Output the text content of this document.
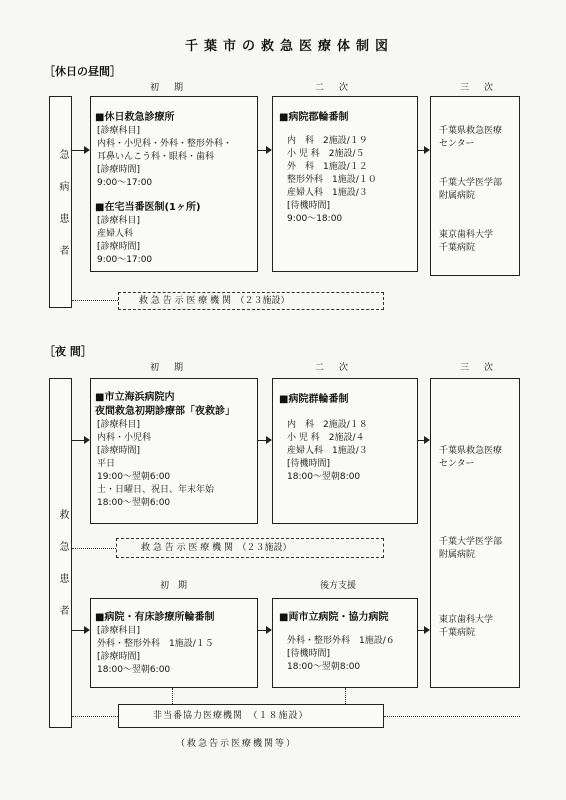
千葉市の救急医療体制図
［休日の昼間］
初　期	二　次	三　次
急病患者
■休日救急診療所
[診療科目]
内科・小児科・外科・整形外科・
耳鼻いんこう科・眼科・歯科
[診療時間]
9:00〜17:00
■在宅当番医制(1ヶ所)
[診療科目]
産婦人科
[診療時間]
9:00〜17:00
■病院郡輪番制
内　科　2施設/１９
小 児 科　2施設/５
外　科　1施設/１２
整形外科　1施設/１０
産婦人科　1施設/３
[待機時間]
9:00〜18:00
千葉県救急医療
センター

千葉大学医学部
附属病院

東京歯科大学
千葉病院
救 急 告 示 医 療 機 関　（２３施設）
［夜 間］
初　期	二　次	三　次
救急患者
■市立海浜病院内
夜間救急初期診療部「夜救診」
[診療科目]
内科・小児科
[診療時間]
平日
19:00〜翌朝6:00
土・日曜日、祝日、年末年始
18:00〜翌朝6:00
■病院群輪番制
内　科　2施設/１８
小 児 科　2施設/４
産婦人科　1施設/３
[待機時間]
18:00〜翌朝8:00
千葉県救急医療
センター

千葉大学医学部
附属病院

東京歯科大学
千葉病院
救 急 告 示 医 療 機 関　（２３施設）
初　期	後方支援
■病院・有床診療所輪番制
[診療科目]
外科・整形外科　1施設/１５
[診療時間]
18:00〜翌朝6:00
■両市立病院・協力病院
外科・整形外科　1施設/６
[待機時間]
18:00〜翌朝8:00
非当番協力医療機関　（１８施設）
（救急告示医療機関等）
